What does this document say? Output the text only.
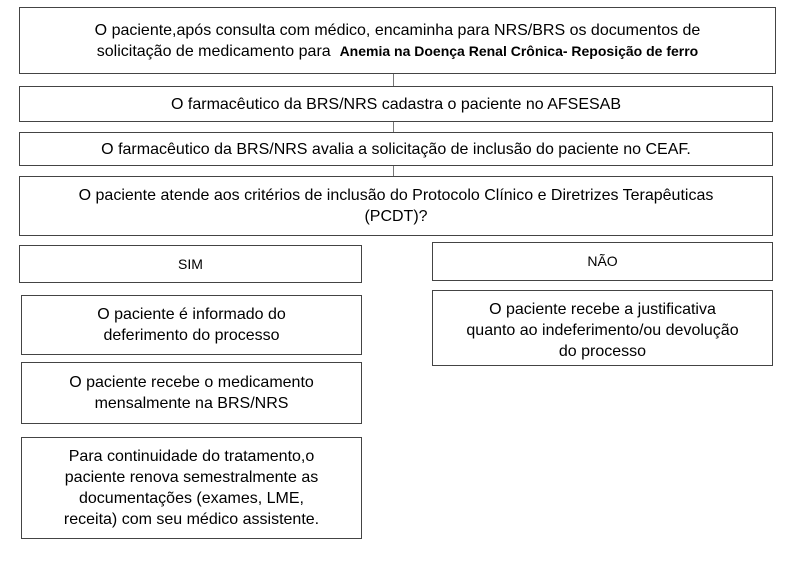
O paciente,após consulta com médico, encaminha para NRS/BRS os documentos de
solicitação de medicamento para Anemia na Doença Renal Crônica- Reposição de ferro
O farmacêutico da BRS/NRS cadastra o paciente no AFSESAB
O farmacêutico da BRS/NRS avalia a solicitação de inclusão do paciente no CEAF.
O paciente atende aos critérios de inclusão do Protocolo Clínico e Diretrizes Terapêuticas
(PCDT)?
SIM
O paciente é informado do
deferimento do processo
O paciente recebe o medicamento
mensalmente na BRS/NRS
Para continuidade do tratamento,o
paciente renova semestralmente as
documentações (exames, LME,
receita) com seu médico assistente.
NÃO
O paciente recebe a justificativa
quanto ao indeferimento/ou devolução
do processo
